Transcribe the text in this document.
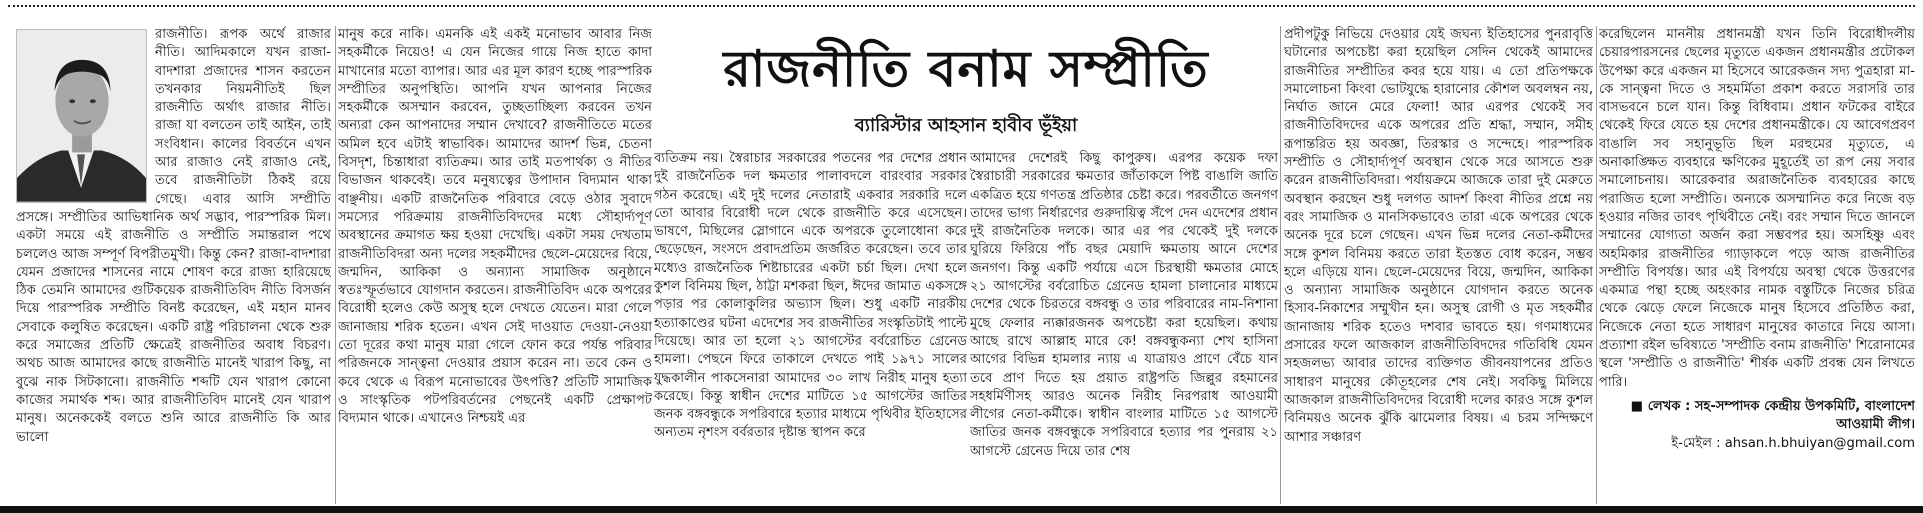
রাজনীতি। রূপক অর্থে রাজার নীতি। আদিমকালে যখন রাজা-বাদশারা প্রজাদের শাসন করতেন তখনকার নিয়মনীতিই ছিল রাজনীতি অর্থাৎ রাজার নীতি। রাজা যা বলতেন তাই আইন, তাই সংবিধান। কালের বিবর্তনে এখন আর রাজাও নেই রাজাও নেই, তবে রাজনীতিটা ঠিকই রয়ে গেছে। এবার আসি সম্প্রীতি প্রসঙ্গে। সম্প্রীতির আভিধানিক অর্থ সদ্ভাব, পারস্পরিক মিল। একটা সময়ে এই রাজনীতি ও সম্প্রীতি সমান্তরাল পথে চললেও আজ সম্পূর্ণ বিপরীতমুখী। কিন্তু কেন? রাজা-বাদশারা যেমন প্রজাদের শাসনের নামে শোষণ করে রাজ্য হারিয়েছে ঠিক তেমনি আমাদের গুটিকয়েক রাজনীতিবিদ নীতি বিসর্জন দিয়ে পারস্পরিক সম্প্রীতি বিনষ্ট করেছেন, এই মহান মানব সেবাকে কলুষিত করেছেন। একটি রাষ্ট্র পরিচালনা থেকে শুরু করে সমাজের প্রতিটি ক্ষেত্রেই রাজনীতির অবাধ বিচরণ। অথচ আজ আমাদের কাছে রাজনীতি মানেই খারাপ কিছু, না বুঝে নাক সিটকানো। রাজনীতি শব্দটি যেন খারাপ কোনো কাজের সমার্থক শব্দ। আর রাজনীতিবিদ মানেই যেন খারাপ মানুষ। অনেককেই বলতে শুনি আরে রাজনীতি কি আর ভালো

মানুষ করে নাকি। এমনকি এই একই মনোভাব আবার নিজ সহকর্মীকে নিয়েও! এ যেন নিজের গায়ে নিজ হাতে কাদা মাখানোর মতো ব্যাপার। আর এর মূল কারণ হচ্ছে পারস্পরিক সম্প্রীতির অনুপস্থিতি। আপনি যখন আপনার নিজের সহকর্মীকে অসম্মান করবেন, তুচ্ছতাচ্ছিল্য করবেন তখন অন্যরা কেন আপনাদের সম্মান দেখাবে? রাজনীতিতে মতের অমিল হবে এটাই স্বাভাবিক। আমাদের আদর্শ ভিন্ন, চেতনা বিসদৃশ, চিন্তাধারা ব্যতিক্রম। আর তাই মতপার্থক্য ও নীতির বিভাজন থাকবেই। তবে মনুষ্যত্বের উপাদান বিদ্যমান থাকা বাঞ্ছনীয়। একটি রাজনৈতিক পরিবারে বেড়ে ওঠার সুবাদে সমস্যের পরিক্রমায় রাজনীতিবিদদের মধ্যে সৌহার্দ্যপূর্ণ অবস্থানের ক্রমাগত ক্ষয় হওয়া দেখেছি। একটা সময় দেখতাম রাজনীতিবিদরা অন্য দলের সহকর্মীদের ছেলে-মেয়েদের বিয়ে, জন্মদিন, আকিকা ও অন্যান্য সামাজিক অনুষ্ঠানে স্বতঃস্ফূর্তভাবে যোগদান করতেন। রাজনীতিবিদ একে অপরের বিরোধী হলেও কেউ অসুস্থ হলে দেখতে যেতেন। মারা গেলে জানাজায় শরিক হতেন। এখন সেই দাওয়াত দেওয়া-নেওয়া তো দূরের কথা মানুষ মারা গেলে ফোন করে পর্যন্ত পরিবার পরিজনকে সান্ত্বনা দেওয়ার প্রয়াস করেন না। তবে কেন ও কবে থেকে এ বিরূপ মনোভাবের উৎপত্তি? প্রতিটি সামাজিক ও সাংস্কৃতিক পটপরিবর্তনের পেছনেই একটি প্রেক্ষাপট বিদ্যমান থাকে। এখানেও নিশ্চয়ই এর

রাজনীতি বনাম সম্প্রীতি
ব্যারিস্টার আহসান হাবীব ভূঁইয়া

ব্যতিক্রম নয়। স্বৈরাচার সরকারের পতনের পর দেশের প্রধান দুই রাজনৈতিক দল ক্ষমতার পালাবদলে বারংবার সরকার গঠন করেছে। এই দুই দলের নেতারাই একবার সরকারি দলে তো আবার বিরোধী দলে থেকে রাজনীতি করে এসেছেন। ভাষণে, মিছিলের স্লোগানে একে অপরকে তুলোধোনা করে ছেড়েছেন, সংসদে প্রবাদপ্রতিম জর্জরিত করেছেন। তবে তার মধ্যেও রাজনৈতিক শিষ্টাচারের একটা চর্চা ছিল। দেখা হলে কুশল বিনিময় ছিল, ঠাট্টা মশকরা ছিল, ঈদের জামাত একসঙ্গে পড়ার পর কোলাকুলির অভ্যাস ছিল। শুধু একটি নারকীয় হত্যাকাণ্ডের ঘটনা এদেশের সব রাজনীতির সংস্কৃতিটাই পাল্টে দিয়েছে। আর তা হলো ২১ আগস্টের বর্বরোচিত গ্রেনেড হামলা। পেছনে ফিরে তাকালে দেখতে পাই ১৯৭১ সালের যুদ্ধকালীন পাকসেনারা আমাদের ৩০ লাখ নিরীহ মানুষ হত্যা করেছে। কিন্তু স্বাধীন দেশের মাটিতে ১৫ আগস্টের জাতির জনক বঙ্গবন্ধুকে সপরিবারে হত্যার মাধ্যমে পৃথিবীর ইতিহাসের অন্যতম নৃশংস বর্বরতার দৃষ্টান্ত স্থাপন করে

আমাদের দেশেরই কিছু কাপুরুষ। এরপর কয়েক দফা স্বৈরাচারী সরকারের ক্ষমতার জাঁতাকলে পিষ্ট বাঙালি জাতি একত্রিত হয়ে গণতন্ত্র প্রতিষ্ঠার চেষ্টা করে। পরবর্তীতে জনগণ তাদের ভাগ্য নির্ধারণের গুরুদায়িত্ব সঁপে দেন এদেশের প্রধান দুই রাজনৈতিক দলকে। আর এর পর থেকেই দুই দলকে ঘুরিয়ে ফিরিয়ে পাঁচ বছর মেয়াদি ক্ষমতায় আনে দেশের জনগণ। কিন্তু একটি পর্যায়ে এসে চিরস্থায়ী ক্ষমতার মোহে ২১ আগস্টের বর্বরোচিত গ্রেনেড হামলা চালানোর মাধ্যমে দেশের থেকে চিরতরে বঙ্গবন্ধু ও তার পরিবারের নাম-নিশানা মুছে ফেলার ন্যক্কারজনক অপচেষ্টা করা হয়েছিল। কথায় আছে রাখে আল্লাহ মারে কে! বঙ্গবন্ধুকন্যা শেখ হাসিনা আগের বিভিন্ন হামলার ন্যায় এ যাত্রায়ও প্রাণে বেঁচে যান তবে প্রাণ দিতে হয় প্রয়াত রাষ্ট্রপতি জিল্লুর রহমানের সহধর্মিণীসহ আরও অনেক নিরীহ নিরপরাধ আওয়ামী লীগের নেতা-কর্মীকে। স্বাধীন বাংলার মাটিতে ১৫ আগস্টে জাতির জনক বঙ্গবন্ধুকে সপরিবারে হত্যার পর পুনরায় ২১ আগস্টে গ্রেনেড দিয়ে তার শেষ

প্রদীপটুকু নিভিয়ে দেওয়ার যেই জঘন্য ইতিহাসের পুনরাবৃত্তি ঘটানোর অপচেষ্টা করা হয়েছিল সেদিন থেকেই আমাদের রাজনীতির সম্প্রীতির কবর হয়ে যায়। এ তো প্রতিপক্ষকে সমালোচনা কিংবা ভোটযুদ্ধে হারানোর কৌশল অবলম্বন নয়, নির্ঘাত জানে মেরে ফেলা! আর এরপর থেকেই সব রাজনীতিবিদদের একে অপরের প্রতি শ্রদ্ধা, সম্মান, সমীহ রূপান্তরিত হয় অবজ্ঞা, তিরস্কার ও সন্দেহে। পারস্পরিক সম্প্রীতি ও সৌহার্দ্যপূর্ণ অবস্থান থেকে সরে আসতে শুরু করেন রাজনীতিবিদরা। পর্যায়ক্রমে আজকে তারা দুই মেরুতে অবস্থান করছেন শুধু দলগত আদর্শ কিংবা নীতির প্রশ্নে নয় বরং সামাজিক ও মানসিকভাবেও তারা একে অপরের থেকে অনেক দূরে চলে গেছেন। এখন ভিন্ন দলের নেতা-কর্মীদের সঙ্গে কুশল বিনিময় করতে তারা ইতস্তত বোধ করেন, সম্ভব হলে এড়িয়ে যান। ছেলে-মেয়েদের বিয়ে, জন্মদিন, আকিকা ও অন্যান্য সামাজিক অনুষ্ঠানে যোগদান করতে অনেক হিসাব-নিকাশের সম্মুখীন হন। অসুস্থ রোগী ও মৃত সহকর্মীর জানাজায় শরিক হতেও দশবার ভাবতে হয়। গণমাধ্যমের প্রসারের ফলে আজকাল রাজনীতিবিদদের গতিবিধি যেমন সহজলভ্য আবার তাদের ব্যক্তিগত জীবনযাপনের প্রতিও সাধারণ মানুষের কৌতূহলের শেষ নেই। সবকিছু মিলিয়ে আজকাল রাজনীতিবিদদের বিরোধী দলের কারও সঙ্গে কুশল বিনিময়ও অনেক ঝুঁকি ঝামেলার বিষয়। এ চরম সন্দিক্ষণে আশার সঞ্চারণ

করেছিলেন মাননীয় প্রধানমন্ত্রী যখন তিনি বিরোধীদলীয় চেয়ারপারসনের ছেলের মৃত্যুতে একজন প্রধানমন্ত্রীর প্রটোকল উপেক্ষা করে একজন মা হিসেবে আরেকজন সদ্য পুত্রহারা মা-কে সান্ত্বনা দিতে ও সহমর্মিতা প্রকাশ করতে সরাসরি তার বাসভবনে চলে যান। কিন্তু বিধিবাম। প্রধান ফটকের বাইরে থেকেই ফিরে যেতে হয় দেশের প্রধানমন্ত্রীকে। যে আবেগপ্রবণ বাঙালি সব সহানুভূতি ছিল মরহুমের মৃত্যুতে, এ অনাকাঙ্ক্ষিত ব্যবহারে ক্ষণিকের মুহূর্তেই তা রূপ নেয় সবার সমালোচনায়। আরেকবার অরাজনৈতিক ব্যবহারের কাছে পরাজিত হলো সম্প্রীতি। অন্যকে অসম্মানিত করে নিজে বড় হওয়ার নজির তাবৎ পৃথিবীতে নেই। বরং সম্মান দিতে জানলে সম্মানের যোগ্যতা অর্জন করা সম্ভবপর হয়। অসহিষ্ণু এবং অহমিকার রাজনীতির গ্যাড়াকলে পড়ে আজ রাজনীতির সম্প্রীতি বিপর্যস্ত। আর এই বিপর্যয়ে অবস্থা থেকে উত্তরণের একমাত্র পন্থা হচ্ছে অহংকার নামক বস্তুটিকে নিজের চরিত্র থেকে ঝেড়ে ফেলে নিজেকে মানুষ হিসেবে প্রতিষ্ঠিত করা, নিজেকে নেতা হতে সাধারণ মানুষের কাতারে নিয়ে আসা। প্রত্যাশা রইল ভবিষ্যতে 'সম্প্রীতি বনাম রাজনীতি' শিরোনামের স্থলে 'সম্প্রীতি ও রাজনীতি' শীর্ষক একটি প্রবন্ধ যেন লিখতে পারি।

■ লেখক : সহ-সম্পাদক কেন্দ্রীয় উপকমিটি, বাংলাদেশ আওয়ামী লীগ।
ই-মেইল : ahsan.h.bhuiyan@gmail.com
